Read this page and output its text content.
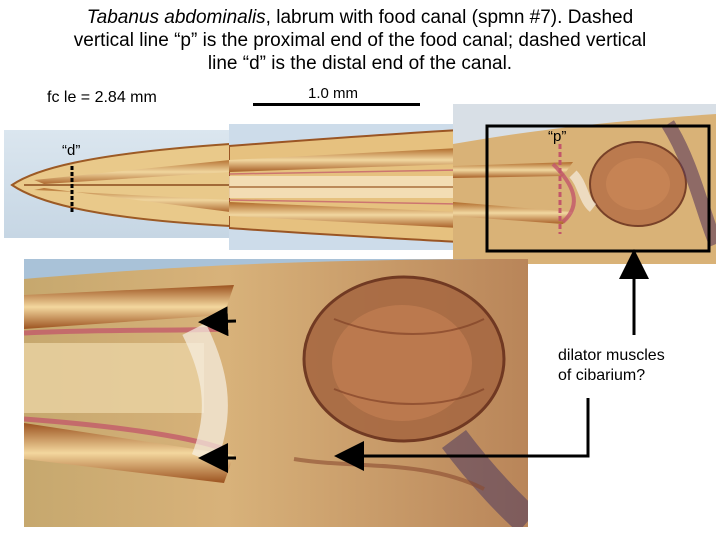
Tabanus abdominalis, labrum with food canal (spmn #7). Dashed
vertical line “p” is the proximal end of the food canal; dashed vertical
line “d” is the distal end of the canal.
fc le = 2.84 mm	1.0 mm
“d”
“p”
dilator muscles
of cibarium?
